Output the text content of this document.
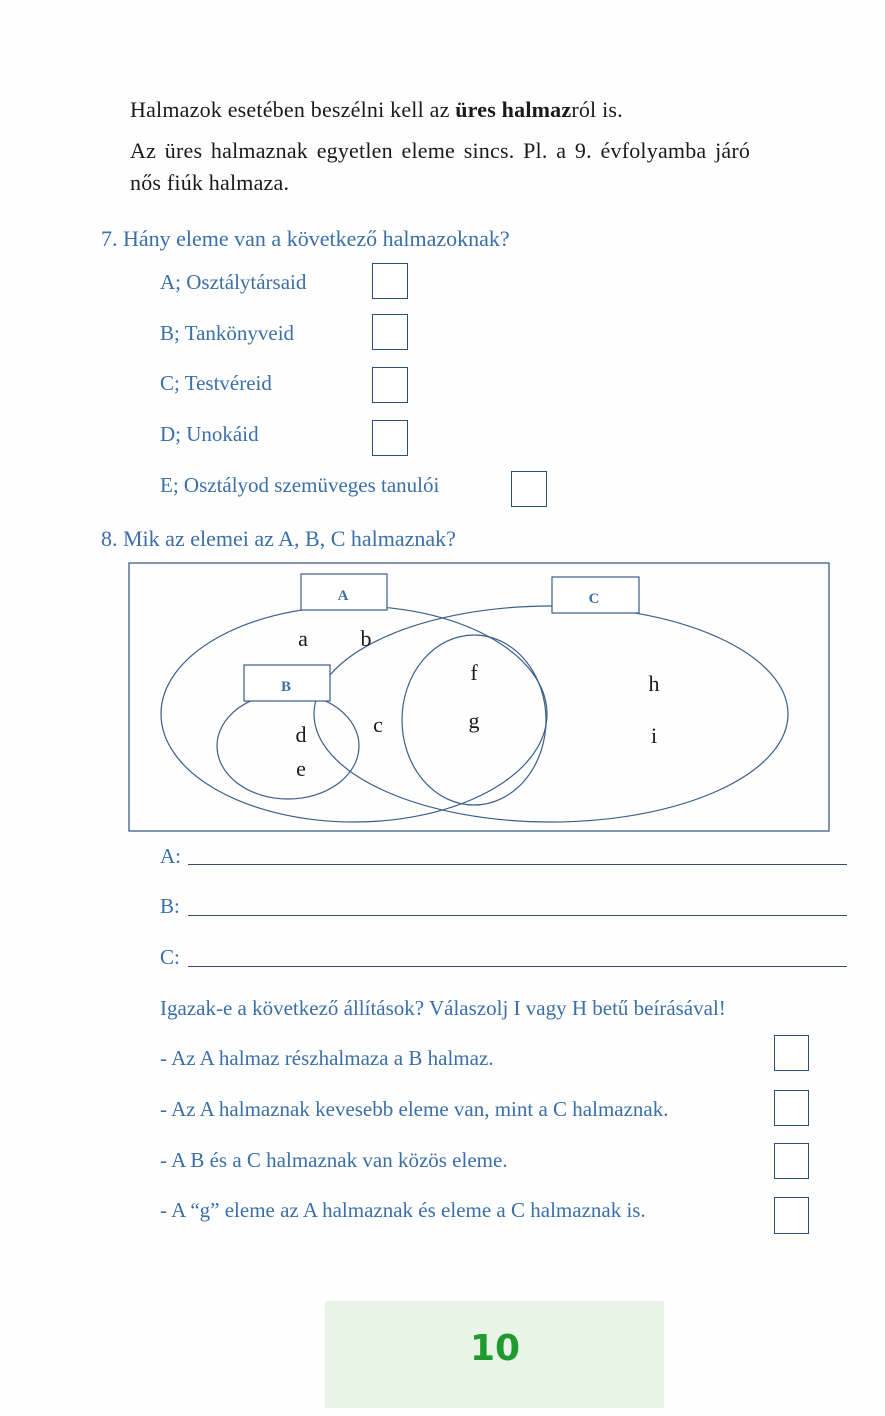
Halmazok esetében beszélni kell az üres halmazról is.
Az üres halmaznak egyetlen eleme sincs. Pl. a 9. évfolyamba járó
nős fiúk halmaza.
7. Hány eleme van a következő halmazoknak?
A; Osztálytársaid
B; Tankönyveid
C; Testvéreid
D; Unokáid
E; Osztályod szemüveges tanulói
8. Mik az elemei az A, B, C halmaznak?
A	C
B
a b
c
d
e
f
g
h
i
A:
B:
C:
Igazak-e a következő állítások? Válaszolj I vagy H betű beírásával!
- Az A halmaz részhalmaza a B halmaz.
- Az A halmaznak kevesebb eleme van, mint a C halmaznak.
- A B és a C halmaznak van közös eleme.
- A “g” eleme az A halmaznak és eleme a C halmaznak is.
10
